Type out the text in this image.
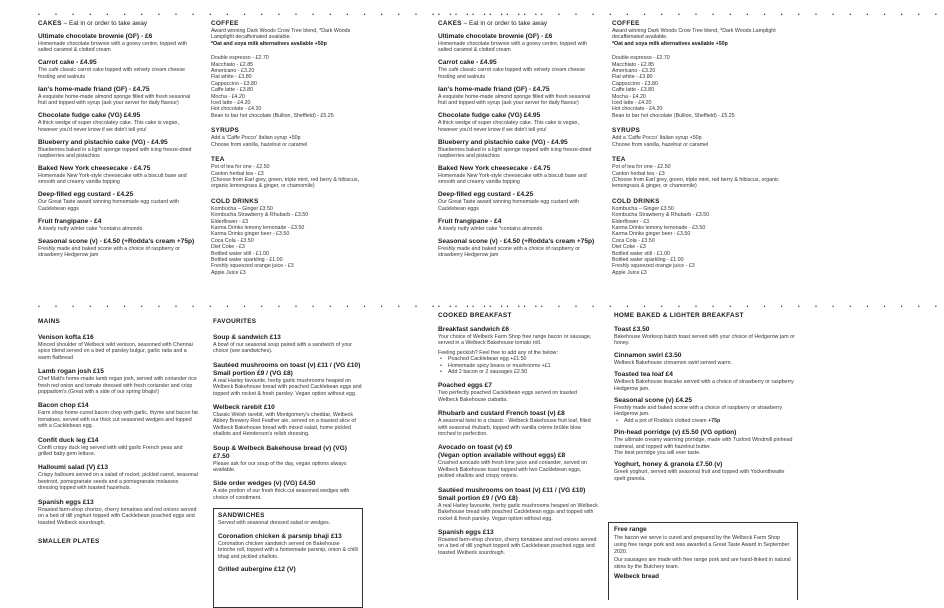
• • • • • • • • • • • • • • • • • • • • • • • • • • • • • •
• • • • • • • • • • • • • • • • • • • • • • • • • • • • • •
• • • • • • • • • • • • • • • • • • • • • • • • • • • • • •
• • • • • • • • • • • • • • • • • • • • • • • • • • • • • •
CAKES – Eat in or order to take away
Ultimate chocolate brownie (GF) - £6
Homemade chocolate brownie with a gooey centre, topped with salted caramel & clotted cream
Carrot cake - £4.95
The café classic carrot cake topped with velvety cream cheese frosting and walnuts
Ian's home-made friand (GF) - £4.75
A exquisite home-made almond sponge filled with fresh seasonal fruit and topped with syrup (ask your server for daily flavour)
Chocolate fudge cake (VG) £4.95
A thick wedge of super chocolatey cake. This cake is vegan, however you'd never know if we didn't tell you!
Blueberry and pistachio cake (VG) - £4.95
Blueberries baked in a light sponge topped with icing freeze-dried raspberries and pistachios
Baked New York cheesecake - £4.75
Homemade New York-style cheesecake with a biscuit base and smooth and creamy vanilla topping
Deep-filled egg custard - £4.25
Our Great Taste award winning homemade egg custard with Cacklebean eggs
Fruit frangipane - £4
A lovely nutty winter cake *contains almonds
Seasonal scone (v) - £4.50 (+Rodda's cream +75p)
Freshly made and baked scone with a choice of raspberry or strawberry Hedgerow jam
COFFEE
Award winning Dark Woods Crow Tree blend, *Dark Woods Lamplight decaffeinated available.
*Oat and soya milk alternatives available +50p
Double espresso - £2.70
Macchiato - £2.85
Americano - £3.20
Flat white - £3.80
Cappuccino - £3.80
Caffe latte - £3.80
Mocha - £4.20
Iced latte - £4.20
Hot chocolate - £4.20
Bean to bar hot chocolate (Bullion, Sheffield) - £5.25
SYRUPS
Add a 'Caffe Pocco' Italian syrup +50p
Choose from vanilla, hazelnut or caramel
TEA
Pot of tea for one - £2.50
Canton herbal tea - £3
(Choose from Earl grey, green, triple mint, red berry & hibiscus, organic lemongrass & ginger, or chamomile)
COLD DRINKS
Kombucha – Ginger £3.50
Kombucha Strawberry & Rhubarb - £3.50
Elderflower - £3
Karma Drinks lemony lemonade - £3.50
Karma Drinks ginger beer - £3.50
Coca Cola - £3.50
Diet Coke - £3
Bottled water still - £1.00
Bottled water sparkling - £1.00
Freshly squeezed orange juice - £3
Apple Juice £3
CAKES – Eat in or order to take away
Ultimate chocolate brownie (GF) - £6
Homemade chocolate brownie with a gooey centre, topped with salted caramel & clotted cream
Carrot cake - £4.95
The café classic carrot cake topped with velvety cream cheese frosting and walnuts
Ian's home-made friand (GF) - £4.75
A exquisite home-made almond sponge filled with fresh seasonal fruit and topped with syrup (ask your server for daily flavour)
Chocolate fudge cake (VG) £4.95
A thick wedge of super chocolatey cake. This cake is vegan, however you'd never know if we didn't tell you!
Blueberry and pistachio cake (VG) - £4.95
Blueberries baked in a light sponge topped with icing freeze-dried raspberries and pistachios
Baked New York cheesecake - £4.75
Homemade New York-style cheesecake with a biscuit base and smooth and creamy vanilla topping
Deep-filled egg custard - £4.25
Our Great Taste award winning homemade egg custard with Cacklebean eggs
Fruit frangipane - £4
A lovely nutty winter cake *contains almonds
Seasonal scone (v) - £4.50 (+Rodda's cream +75p)
Freshly made and baked scone with a choice of raspberry or strawberry Hedgerow jam
COFFEE
Award winning Dark Woods Crow Tree blend, *Dark Woods Lamplight decaffeinated available.
*Oat and soya milk alternatives available +50p
Double espresso - £2.70
Macchiato - £2.85
Americano - £3.20
Flat white - £3.80
Cappuccino - £3.80
Caffe latte - £3.80
Mocha - £4.20
Iced latte - £4.20
Hot chocolate - £4.20
Bean to bar hot chocolate (Bullion, Sheffield) - £5.25
SYRUPS
Add a 'Caffe Pocco' Italian syrup +50p
Choose from vanilla, hazelnut or caramel
TEA
Pot of tea for one - £2.50
Canton herbal tea - £3
(Choose from Earl grey, green, triple mint, red berry & hibiscus, organic lemongrass & ginger, or chamomile)
COLD DRINKS
Kombucha – Ginger £3.50
Kombucha Strawberry & Rhubarb - £3.50
Elderflower - £3
Karma Drinks lemony lemonade - £3.50
Karma Drinks ginger beer - £3.50
Coca Cola - £3.50
Diet Coke - £3
Bottled water still - £1.00
Bottled water sparkling - £1.00
Freshly squeezed orange juice - £3
Apple Juice £3
MAINS
Venison kofta £16
Minced shoulder of Welbeck wild venison, seasoned with Chennai spice blend served on a bed of parsley bulgur, garlic raita and a warm flatbread
Lamb rogan josh £15
Chef Matt's home-made lamb rogan josh, served with coriander rice fresh red onion and tomato dressed with fresh coriander and crisp poppadom's (Great with a side of our spring bhajis!)
Bacon chop £14
Farm shop home-cured bacon chop with garlic, thyme and bacon fat tomatoes, served with our thick cut seasoned wedges and topped with a Cacklebean egg.
Confit duck leg £14
Confit crispy duck leg served with wild garlic French peas and grilled baby gem lettuce.
Halloumi salad (V) £13
Crispy halloumi served on a salad of rocket, pickled carrot, seasonal beetroot, pomegranate seeds and a pomegranate molasses dressing topped with toasted hazelnuts.
Spanish eggs £13
Roasted farm-shop chorizo, cherry tomatoes and red onions served on a bed of dill yoghurt topped with Cacklebean poached eggs and toasted Welbeck sourdough.
SMALLER PLATES
FAVOURITES
Soup & sandwich £13
A bowl of our seasonal soup paired with a sandwich of your choice (see sandwiches).
Sautéed mushrooms on toast (v) £11 / (VG £10)
Small portion £9 / (VG £8)
A real Harley favourite, herby garlic mushrooms heaped on Welbeck Bakehouse bread with poached Cacklebean eggs and topped with rocket & fresh parsley. Vegan option without egg.
Welbeck rarebit £10
Classic Welsh rarebit, with Montgomery's cheddar, Welbeck Abbey Brewery Red Feather ale, served on a toasted slice of Welbeck Bakehouse bread with mixed salad, home pickled shallots and Henderson's relish dressing.
Soup & Welbeck Bakehouse bread (v) (VG) £7.50
Please ask for our soup of the day, vegan options always available.
Side order wedges (v) (VG) £4.50
A side portion of our fresh thick cut seasoned wedges with choice of condiment.
SANDWICHES
Served with seasonal dressed salad or wedges.
Coronation chicken & parsnip bhaji £13
Coronation chicken sandwich served on Bakehouse brioche roll, topped with a homemade parsnip, onion & chilli bhaji and pickled shallots.
Grilled aubergine £12 (V)
COOKED BREAKFAST
Breakfast sandwich £6
Your choice of Welbeck Farm Shop free range bacon or sausage, served in a Welbeck Bakehouse tomato roll.
Feeling peckish? Feel free to add any of the below:
• Poached Cacklebean egg +£1.50
• Homemade spicy beans or mushrooms +£1
• Add 2 bacon or 2 sausages £2.50
Poached eggs £7
Two perfectly poached Cacklebean eggs served on toasted Welbeck Bakehouse ciabatta.
Rhubarb and custard French toast (v) £8
A seasonal twist to a classic - Welbeck Bakehouse fruit loaf, filled with seasonal rhubarb, topped with vanilla crème brûlée blow torched to perfection.
Avocado on toast (v) £9
(Vegan option available without eggs) £8
Crushed avocado with fresh lime juice and coriander, served on Welbeck Bakehouse toast topped with two Cacklebean eggs, pickled shallots and crispy onions.
Sautéed mushrooms on toast (v) £11 / (VG £10)
Small portion £9 / (VG £8)
A real Harley favourite, herby garlic mushrooms heaped on Welbeck Bakehouse bread with poached Cacklebean eggs and topped with rocket & fresh parsley. Vegan option without egg.
Spanish eggs £13
Roasted farm-shop chorizo, cherry tomatoes and red onions served on a bed of dill yoghurt topped with Cacklebean poached eggs and toasted Welbeck sourdough.
HOME BAKED & LIGHTER BREAKFAST
Toast £3.50
Bakehouse Worksop batch toast served with your choice of Hedgerow jam or honey.
Cinnamon swirl £3.50
Welbeck Bakehouse cinnamon swirl served warm.
Toasted tea loaf £4
Welbeck Bakehouse teacake served with a choice of strawberry or raspberry Hedgerow jam.
Seasonal scone (v) £4.25
Freshly made and baked scone with a choice of raspberry or strawberry Hedgerow jam.
• Add a pot of Rodda's clotted cream +75p
Pin-head porridge (v) £5.50 (VG option)
The ultimate creamy warming porridge, made with Tuxford Windmill pinhead oatmeal, and topped with hazelnut butter.
The best porridge you will ever taste.
Yoghurt, honey & granola £7.50 (v)
Greek yoghurt, served with seasonal fruit and topped with Yockenthwaite spelt granola.
Free range
The bacon we serve is cured and prepared by the Welbeck Farm Shop using free range pork and was awarded a Great Taste Award in September 2020.
Our sausages are made with free range pork and are hand-linked in natural skins by the Butchery team.
Welbeck bread
